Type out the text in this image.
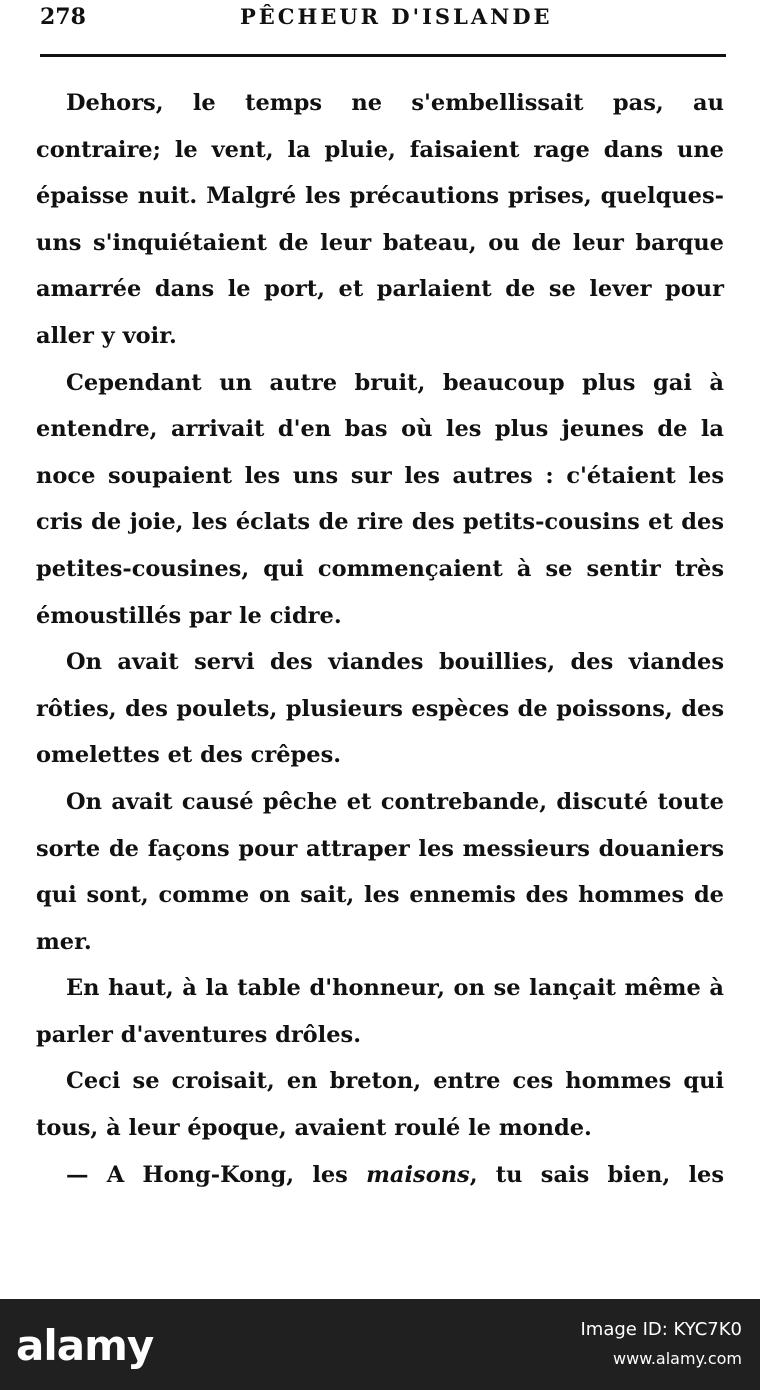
278	PÊCHEUR D'ISLANDE

Dehors, le temps ne s'embellissait pas, au contraire; le vent, la pluie, faisaient rage dans une épaisse nuit. Malgré les précautions prises, quelques-uns s'inquiétaient de leur bateau, ou de leur barque amarrée dans le port, et parlaient de se lever pour aller y voir.

Cependant un autre bruit, beaucoup plus gai à entendre, arrivait d'en bas où les plus jeunes de la noce soupaient les uns sur les autres : c'étaient les cris de joie, les éclats de rire des petits-cousins et des petites-cousines, qui commençaient à se sentir très émoustillés par le cidre.

On avait servi des viandes bouillies, des viandes rôties, des poulets, plusieurs espèces de poissons, des omelettes et des crêpes.

On avait causé pêche et contrebande, discuté toute sorte de façons pour attraper les messieurs douaniers qui sont, comme on sait, les ennemis des hommes de mer.

En haut, à la table d'honneur, on se lançait même à parler d'aventures drôles.

Ceci se croisait, en breton, entre ces hommes qui tous, à leur époque, avaient roulé le monde.

— A Hong-Kong, les maisons, tu sais bien, les

alamy	Image ID: KYC7K0
www.alamy.com
